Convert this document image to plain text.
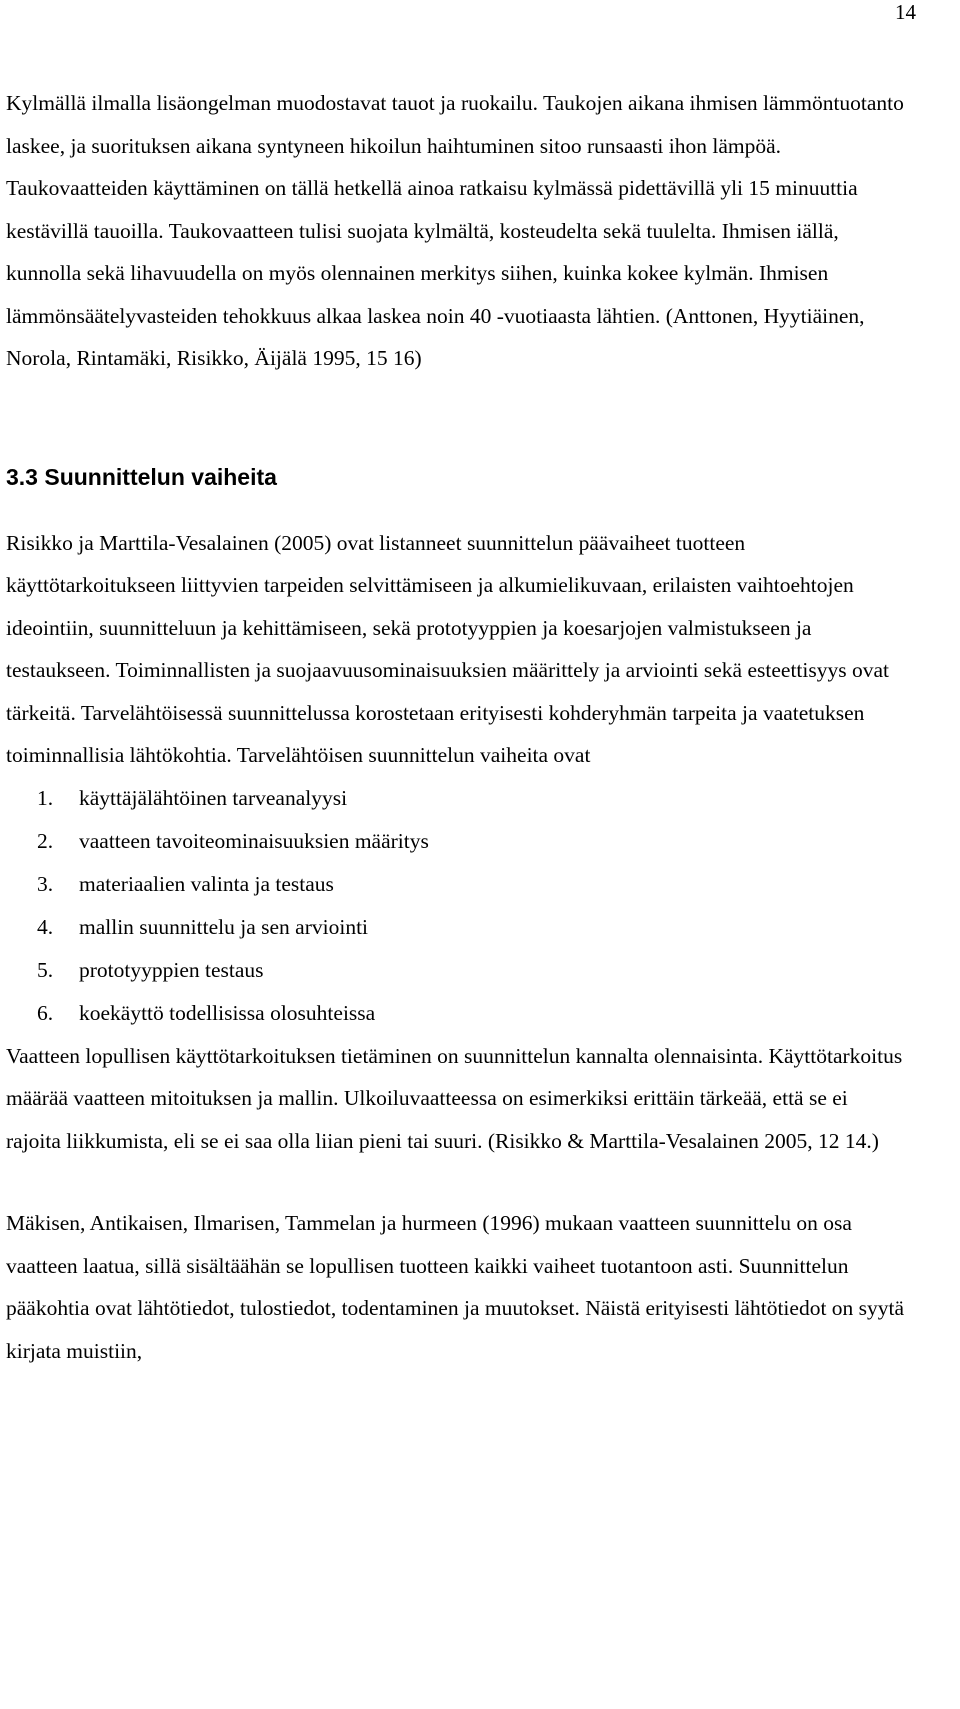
14

Kylmällä ilmalla lisäongelman muodostavat tauot ja ruokailu. Taukojen aikana ihmisen lämmöntuotanto laskee, ja suorituksen aikana syntyneen hikoilun haihtuminen sitoo runsaasti ihon lämpöä. Taukovaatteiden käyttäminen on tällä hetkellä ainoa ratkaisu kylmässä pidettävillä yli 15 minuuttia kestävillä tauoilla. Taukovaatteen tulisi suojata kylmältä, kosteudelta sekä tuulelta. Ihmisen iällä, kunnolla sekä lihavuudella on myös olennainen merkitys siihen, kuinka kokee kylmän. Ihmisen lämmönsäätelyvasteiden tehokkuus alkaa laskea noin 40 -vuotiaasta lähtien. (Anttonen, Hyytiäinen, Norola, Rintamäki, Risikko, Äijälä 1995, 15 16)

3.3 Suunnittelun vaiheita

Risikko ja Marttila-Vesalainen (2005) ovat listanneet suunnittelun päävaiheet tuotteen käyttötarkoitukseen liittyvien tarpeiden selvittämiseen ja alkumielikuvaan, erilaisten vaihtoehtojen ideointiin, suunnitteluun ja kehittämiseen, sekä prototyyppien ja koesarjojen valmistukseen ja testaukseen. Toiminnallisten ja suojaavuusominaisuuksien määrittely ja arviointi sekä esteettisyys ovat tärkeitä. Tarvelähtöisessä suunnittelussa korostetaan erityisesti kohderyhmän tarpeita ja vaatetuksen toiminnallisia lähtökohtia. Tarvelähtöisen suunnittelun vaiheita ovat

1. käyttäjälähtöinen tarveanalyysi
2. vaatteen tavoiteominaisuuksien määritys
3. materiaalien valinta ja testaus
4. mallin suunnittelu ja sen arviointi
5. prototyyppien testaus
6. koekäyttö todellisissa olosuhteissa

Vaatteen lopullisen käyttötarkoituksen tietäminen on suunnittelun kannalta olennaisinta. Käyttötarkoitus määrää vaatteen mitoituksen ja mallin. Ulkoiluvaatteessa on esimerkiksi erittäin tärkeää, että se ei rajoita liikkumista, eli se ei saa olla liian pieni tai suuri. (Risikko & Marttila-Vesalainen 2005, 12 14.)

Mäkisen, Antikaisen, Ilmarisen, Tammelan ja hurmeen (1996) mukaan vaatteen suunnittelu on osa vaatteen laatua, sillä sisältäähän se lopullisen tuotteen kaikki vaiheet tuotantoon asti. Suunnittelun pääkohtia ovat lähtötiedot, tulostiedot, todentaminen ja muutokset. Näistä erityisesti lähtötiedot on syytä kirjata muistiin,
